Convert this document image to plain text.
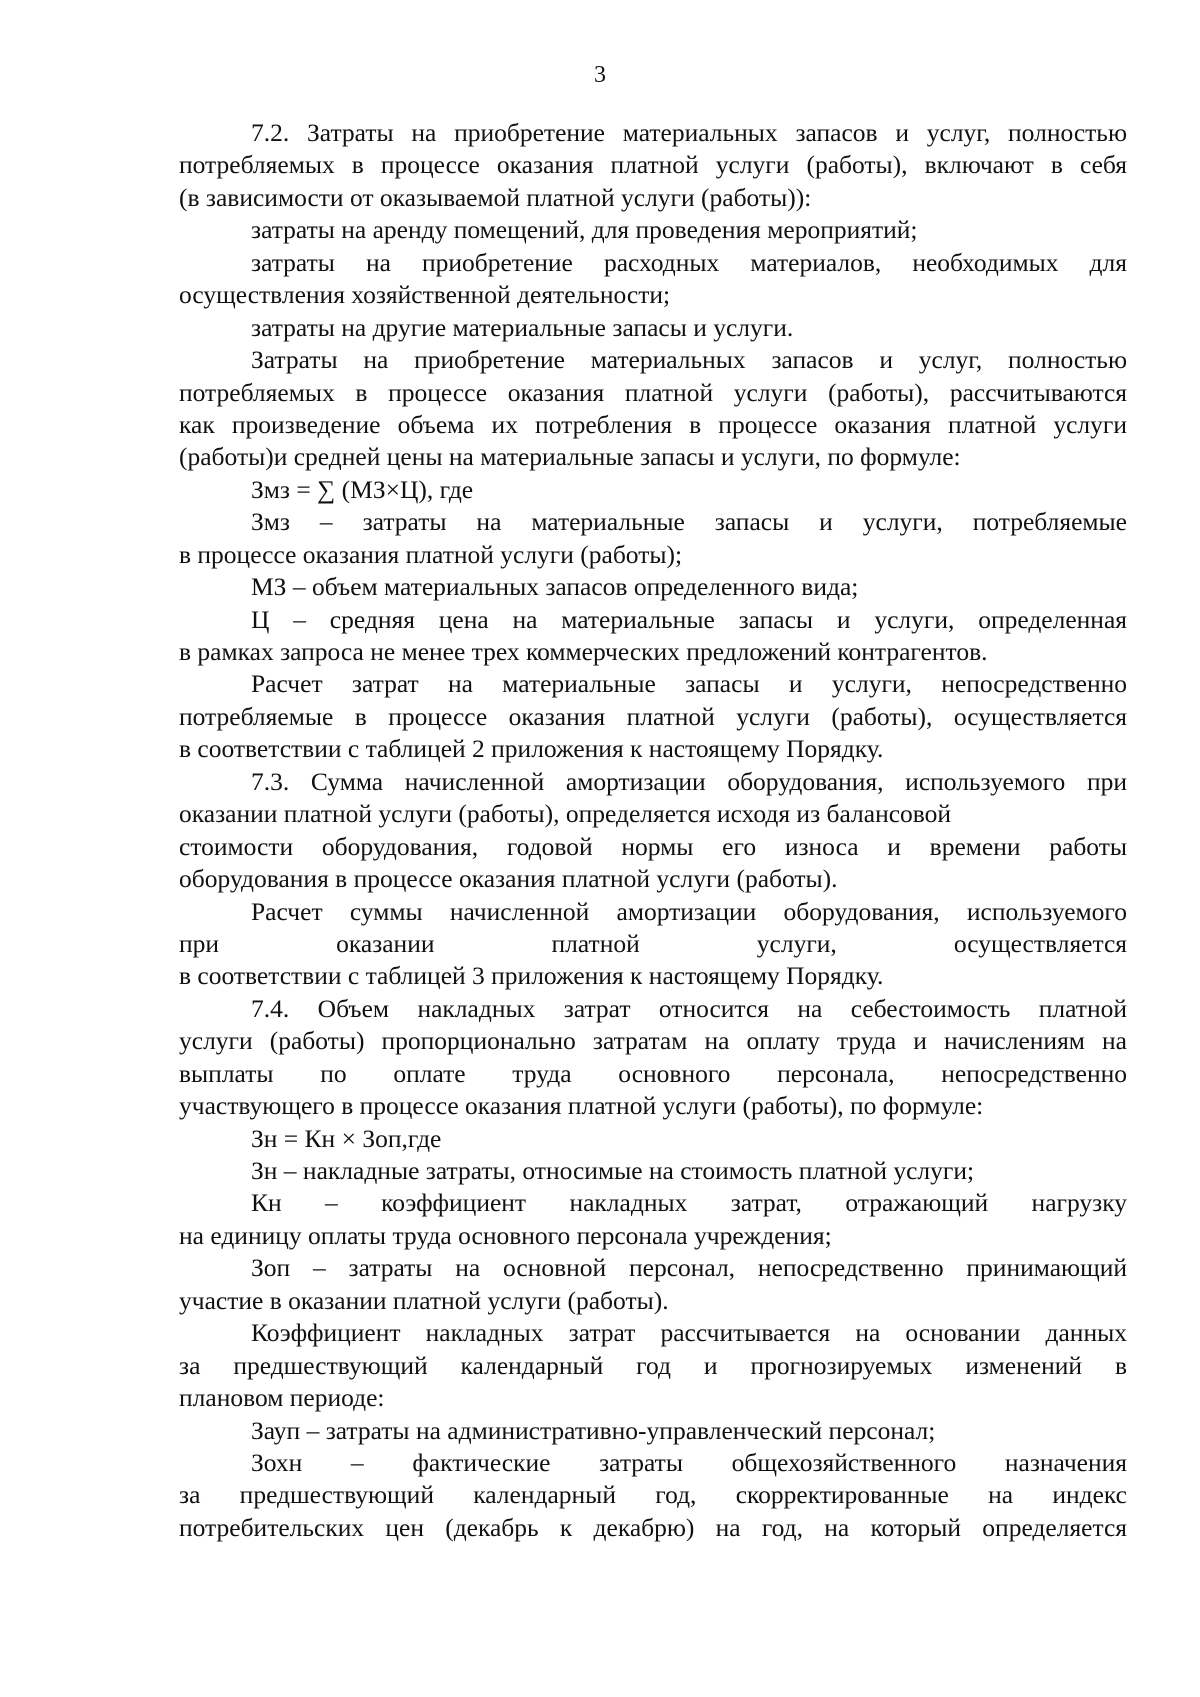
3
7.2. Затраты на приобретение материальных запасов и услуг, полностью
потребляемых в процессе оказания платной услуги (работы), включают в себя
(в зависимости от оказываемой платной услуги (работы)):
затраты на аренду помещений, для проведения мероприятий;
затраты на приобретение расходных материалов, необходимых для
осуществления хозяйственной деятельности;
затраты на другие материальные запасы и услуги.
Затраты на приобретение материальных запасов и услуг, полностью
потребляемых в процессе оказания платной услуги (работы), рассчитываются
как произведение объема их потребления в процессе оказания платной услуги
(работы)и средней цены на материальные запасы и услуги, по формуле:
Змз = ∑ (МЗ×Ц), где
Змз – затраты на материальные запасы и услуги, потребляемые
в процессе оказания платной услуги (работы);
МЗ – объем материальных запасов определенного вида;
Ц – средняя цена на материальные запасы и услуги, определенная
в рамках запроса не менее трех коммерческих предложений контрагентов.
Расчет затрат на материальные запасы и услуги, непосредственно
потребляемые в процессе оказания платной услуги (работы), осуществляется
в соответствии с таблицей 2 приложения к настоящему Порядку.
7.3. Сумма начисленной амортизации оборудования, используемого при
оказании платной услуги (работы), определяется исходя из балансовой
стоимости оборудования, годовой нормы его износа и времени работы
оборудования в процессе оказания платной услуги (работы).
Расчет суммы начисленной амортизации оборудования, используемого
при оказании платной услуги, осуществляется
в соответствии с таблицей 3 приложения к настоящему Порядку.
7.4. Объем накладных затрат относится на себестоимость платной
услуги (работы) пропорционально затратам на оплату труда и начислениям на
выплаты по оплате труда основного персонала, непосредственно
участвующего в процессе оказания платной услуги (работы), по формуле:
Зн = Кн × Зоп,где
Зн – накладные затраты, относимые на стоимость платной услуги;
Кн – коэффициент накладных затрат, отражающий нагрузку
на единицу оплаты труда основного персонала учреждения;
Зоп – затраты на основной персонал, непосредственно принимающий
участие в оказании платной услуги (работы).
Коэффициент накладных затрат рассчитывается на основании данных
за предшествующий календарный год и прогнозируемых изменений в
плановом периоде:
Зауп – затраты на административно-управленческий персонал;
Зохн – фактические затраты общехозяйственного назначения
за предшествующий календарный год, скорректированные на индекс
потребительских цен (декабрь к декабрю) на год, на который определяется
